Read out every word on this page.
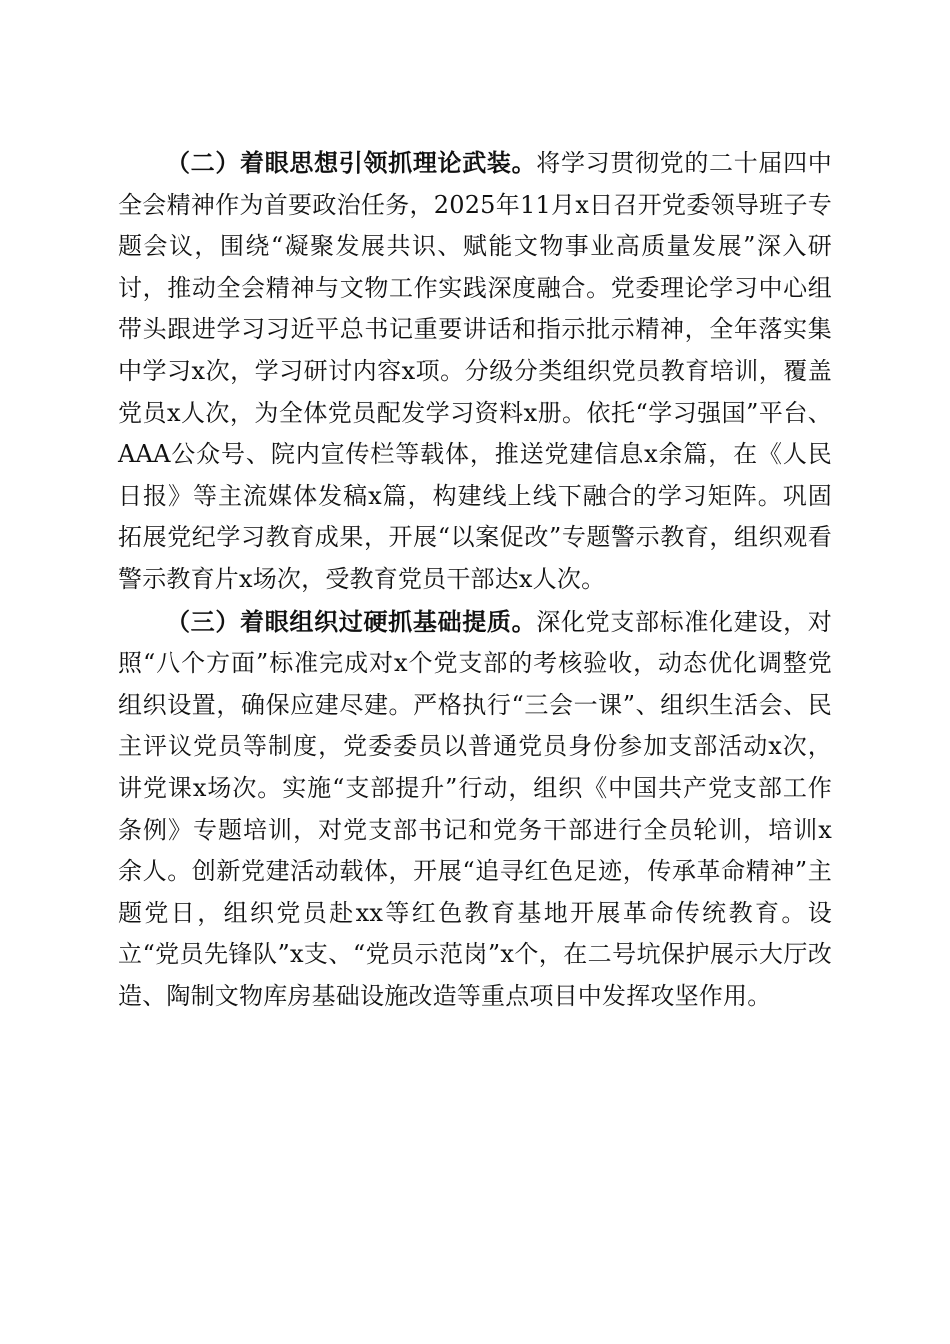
（二）着眼思想引领抓理论武装。将学习贯彻党的二十届四中全会精神作为首要政治任务，2025年11月x日召开党委领导班子专题会议，围绕“凝聚发展共识、赋能文物事业高质量发展”深入研讨，推动全会精神与文物工作实践深度融合。党委理论学习中心组带头跟进学习习近平总书记重要讲话和指示批示精神，全年落实集中学习x次，学习研讨内容x项。分级分类组织党员教育培训，覆盖党员x人次，为全体党员配发学习资料x册。依托“学习强国”平台、AAA公众号、院内宣传栏等载体，推送党建信息x余篇，在《人民日报》等主流媒体发稿x篇，构建线上线下融合的学习矩阵。巩固拓展党纪学习教育成果，开展“以案促改”专题警示教育，组织观看警示教育片x场次，受教育党员干部达x人次。

（三）着眼组织过硬抓基础提质。深化党支部标准化建设，对照“八个方面”标准完成对x个党支部的考核验收，动态优化调整党组织设置，确保应建尽建。严格执行“三会一课”、组织生活会、民主评议党员等制度，党委委员以普通党员身份参加支部活动x次，讲党课x场次。实施“支部提升”行动，组织《中国共产党支部工作条例》专题培训，对党支部书记和党务干部进行全员轮训，培训x余人。创新党建活动载体，开展“追寻红色足迹，传承革命精神”主题党日，组织党员赴xx等红色教育基地开展革命传统教育。设立“党员先锋队”x支、“党员示范岗”x个，在二号坑保护展示大厅改造、陶制文物库房基础设施改造等重点项目中发挥攻坚作用。
